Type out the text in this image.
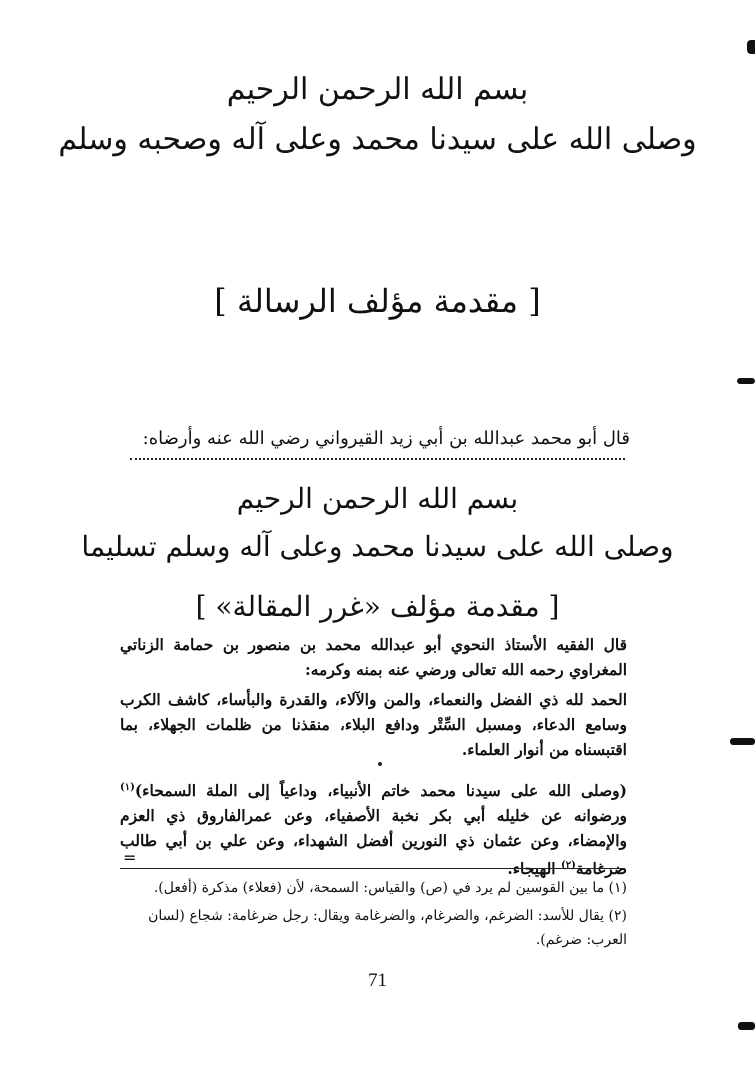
بسم الله الرحمن الرحيم
وصلى الله على سيدنا محمد وعلى آله وصحبه وسلم
[ مقدمة مؤلف الرسالة ]
قال أبو محمد عبدالله بن أبي زيد القيرواني رضي الله عنه وأرضاه:
بسم الله الرحمن الرحيم
وصلى الله على سيدنا محمد وعلى آله وسلم تسليما
[ مقدمة مؤلف «غرر المقالة» ]
قال الفقيه الأستاذ النحوي أبو عبدالله محمد بن منصور بن حمامة الزناتي المغراوي رحمه الله تعالى ورضي عنه بمنه وكرمه:
الحمد لله ذي الفضل والنعماء، والمن والآلاء، والقدرة والبأساء، كاشف الكرب وسامع الدعاء، ومسبل السِّتْر ودافع البلاء، منقذنا من ظلمات الجهلاء، بما اقتبسناه من أنوار العلماء.
(وصلى الله على سيدنا محمد خاتم الأنبياء، وداعياً إلى الملة السمحاء)$^{(١)}$ ورضوانه عن خليله أبي بكر نخبة الأصفياء، وعن عمرالفاروق ذي العزم والإمضاء، وعن عثمان ذي النورين أفضل الشهداء، وعن علي بن أبي طالب ضرغامة$^{(٢)}$ الهيجاء.
=
(١) ما بين القوسين لم يرد في (ص) والقياس: السمحة، لأن (فعلاء) مذكرة (أفعل).
(٢) يقال للأسد: الضرغم، والضرغام، والضرغامة ويقال: رجل ضرغامة: شجاع (لسان العرب: ضرغم).
71
